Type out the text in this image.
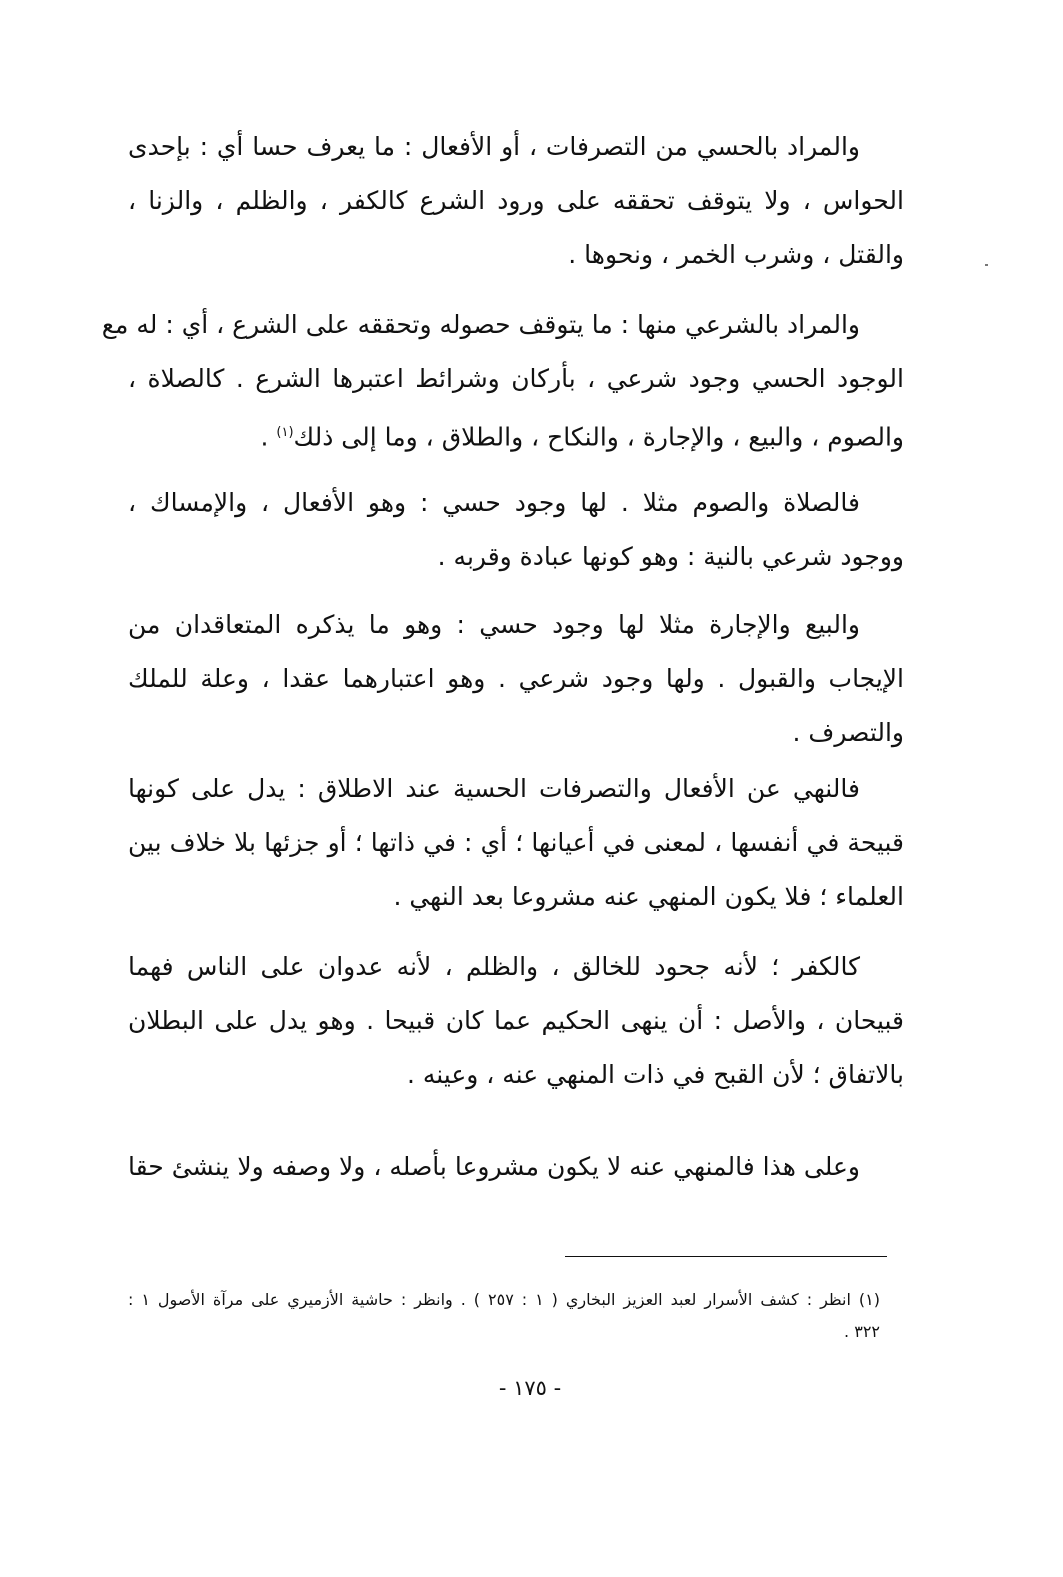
والمراد بالحسي من التصرفات ، أو الأفعال : ما يعرف حسا أي : بإحدى
الحواس ، ولا يتوقف تحققه على ورود الشرع كالكفر ، والظلم ، والزنا ،
والقتل ، وشرب الخمر ، ونحوها .
والمراد بالشرعي منها : ما يتوقف حصوله وتحققه على الشرع ، أي : له مع
الوجود الحسي وجود شرعي ، بأركان وشرائط اعتبرها الشرع . كالصلاة ،
والصوم ، والبيع ، والإجارة ، والنكاح ، والطلاق ، وما إلى ذلك$^{(١)}$ .
فالصلاة والصوم مثلا . لها وجود حسي : وهو الأفعال ، والإمساك ،
ووجود شرعي بالنية : وهو كونها عبادة وقربه .
والبيع والإجارة مثلا لها وجود حسي : وهو ما يذكره المتعاقدان من
الإيجاب والقبول . ولها وجود شرعي . وهو اعتبارهما عقدا ، وعلة للملك
والتصرف .
فالنهي عن الأفعال والتصرفات الحسية عند الاطلاق : يدل على كونها
قبيحة في أنفسها ، لمعنى في أعيانها ؛ أي : في ذاتها ؛ أو جزئها بلا خلاف بين
العلماء ؛ فلا يكون المنهي عنه مشروعا بعد النهي .
كالكفر ؛ لأنه جحود للخالق ، والظلم ، لأنه عدوان على الناس فهما
قبيحان ، والأصل : أن ينهى الحكيم عما كان قبيحا . وهو يدل على البطلان
بالاتفاق ؛ لأن القبح في ذات المنهي عنه ، وعينه .
وعلى هذا فالمنهي عنه لا يكون مشروعا بأصله ، ولا وصفه ولا ينشئ حقا
(١) انظر : كشف الأسرار لعبد العزيز البخاري ( ١ : ٢٥٧ ) . وانظر : حاشية الأزميري على مرآة الأصول ١ :
٣٢٢ .
- ١٧٥ -
